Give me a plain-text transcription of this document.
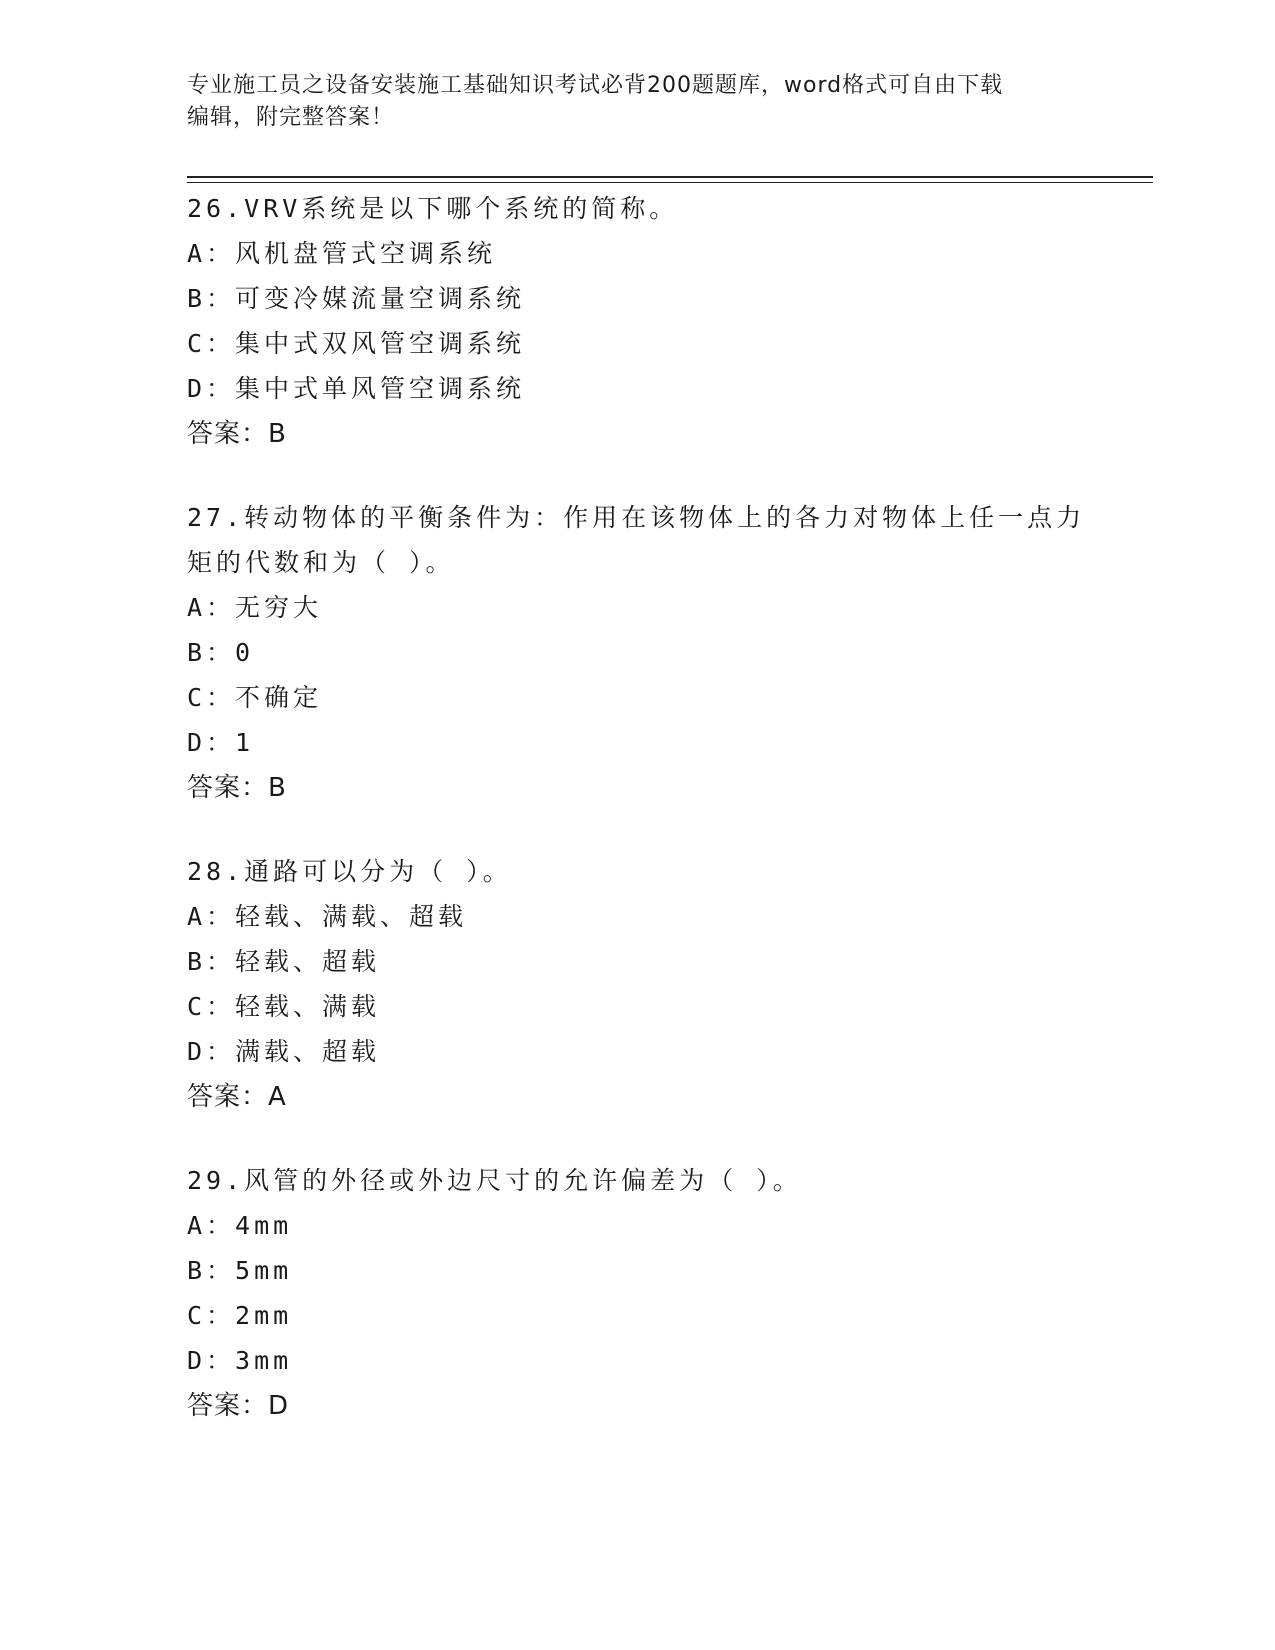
专业施工员之设备安装施工基础知识考试必背200题题库，word格式可自由下载
编辑，附完整答案！
26.VRV系统是以下哪个系统的简称。
A：风机盘管式空调系统
B：可变冷媒流量空调系统
C：集中式双风管空调系统
D：集中式单风管空调系统
答案：B
27.转动物体的平衡条件为：作用在该物体上的各力对物体上任一点力
矩的代数和为（ ）。
A：无穷大
B：0
C：不确定
D：1
答案：B
28.通路可以分为（ ）。
A：轻载、满载、超载
B：轻载、超载
C：轻载、满载
D：满载、超载
答案：A
29.风管的外径或外边尺寸的允许偏差为（ ）。
A：4mm
B：5mm
C：2mm
D：3mm
答案：D
